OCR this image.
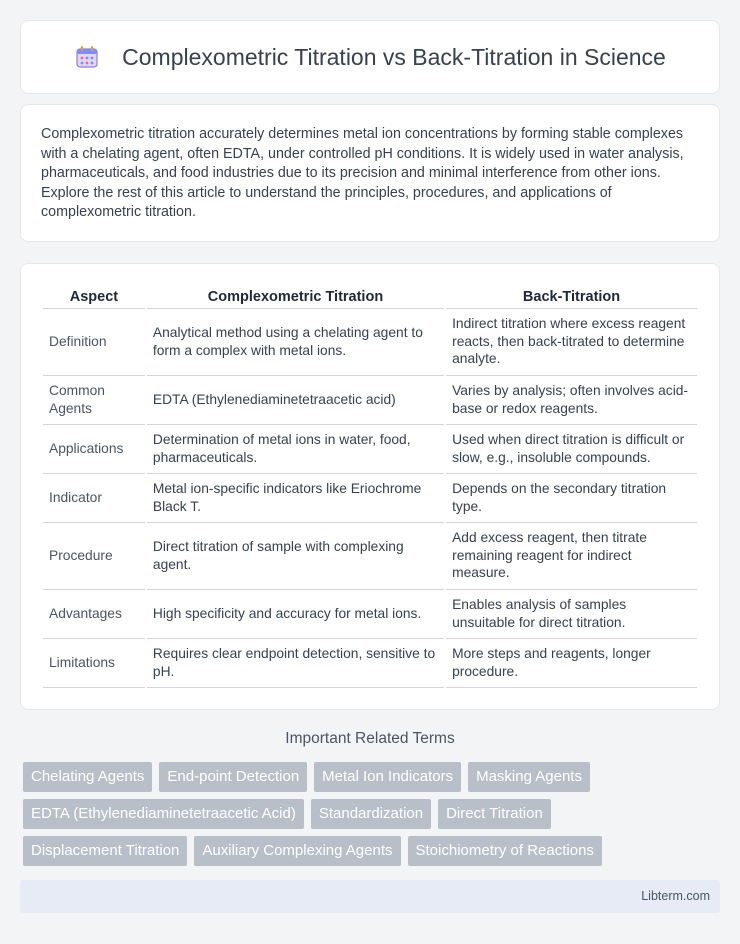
Complexometric Titration vs Back-Titration in Science

Complexometric titration accurately determines metal ion concentrations by forming stable complexes with a chelating agent, often EDTA, under controlled pH conditions. It is widely used in water analysis, pharmaceuticals, and food industries due to its precision and minimal interference from other ions. Explore the rest of this article to understand the principles, procedures, and applications of complexometric titration.

Aspect	Complexometric Titration	Back-Titration
Definition	Analytical method using a chelating agent to form a complex with metal ions.	Indirect titration where excess reagent reacts, then back-titrated to determine analyte.
Common Agents	EDTA (Ethylenediaminetetraacetic acid)	Varies by analysis; often involves acid-base or redox reagents.
Applications	Determination of metal ions in water, food, pharmaceuticals.	Used when direct titration is difficult or slow, e.g., insoluble compounds.
Indicator	Metal ion-specific indicators like Eriochrome Black T.	Depends on the secondary titration type.
Procedure	Direct titration of sample with complexing agent.	Add excess reagent, then titrate remaining reagent for indirect measure.
Advantages	High specificity and accuracy for metal ions.	Enables analysis of samples unsuitable for direct titration.
Limitations	Requires clear endpoint detection, sensitive to pH.	More steps and reagents, longer procedure.
Important Related Terms
Chelating Agents	End-point Detection	Metal Ion Indicators	Masking Agents
EDTA (Ethylenediaminetetraacetic Acid)	Standardization	Direct Titration
Displacement Titration	Auxiliary Complexing Agents	Stoichiometry of Reactions
Libterm.com
